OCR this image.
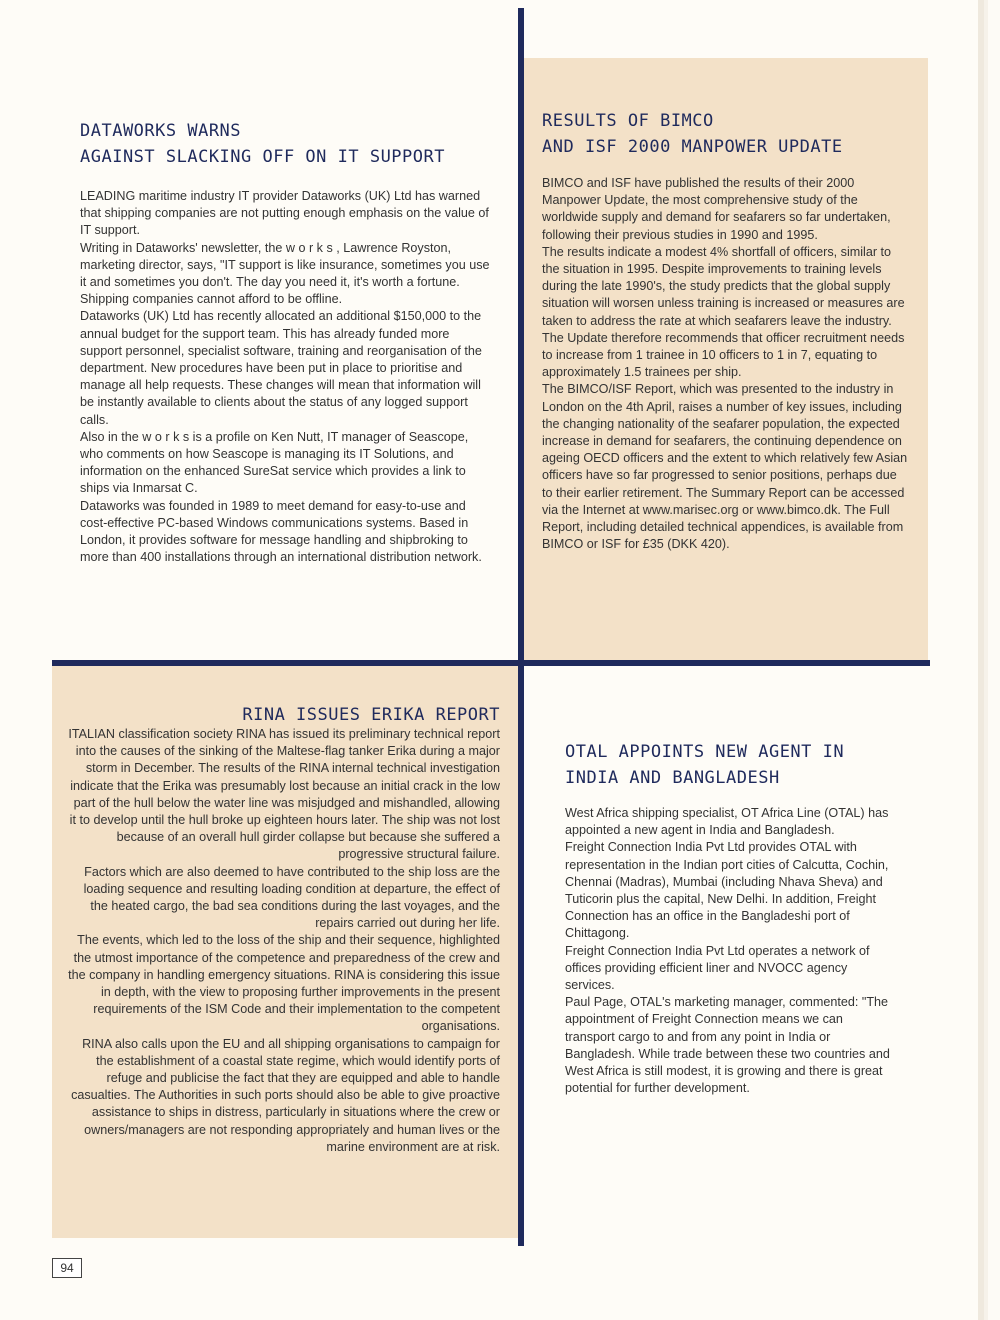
DATAWORKS WARNS
AGAINST SLACKING OFF ON IT SUPPORT

LEADING maritime industry IT provider Dataworks (UK) Ltd has warned that shipping companies are not putting enough emphasis on the value of IT support.

Writing in Dataworks' newsletter, the w o r k s , Lawrence Royston, marketing director, says, "IT support is like insurance, sometimes you use it and sometimes you don't. The day you need it, it's worth a fortune. Shipping companies cannot afford to be offline.

Dataworks (UK) Ltd has recently allocated an additional $150,000 to the annual budget for the support team. This has already funded more support personnel, specialist software, training and reorganisation of the department. New procedures have been put in place to prioritise and manage all help requests. These changes will mean that information will be instantly available to clients about the status of any logged support calls.

Also in the w o r k s is a profile on Ken Nutt, IT manager of Seascope, who comments on how Seascope is managing its IT Solutions, and information on the enhanced SureSat service which provides a link to ships via Inmarsat C.

Dataworks was founded in 1989 to meet demand for easy-to-use and cost-effective PC-based Windows communications systems. Based in London, it provides software for message handling and shipbroking to more than 400 installations through an international distribution network.

RESULTS OF BIMCO
AND ISF 2000 MANPOWER UPDATE

BIMCO and ISF have published the results of their 2000 Manpower Update, the most comprehensive study of the worldwide supply and demand for seafarers so far undertaken, following their previous studies in 1990 and 1995.

The results indicate a modest 4% shortfall of officers, similar to the situation in 1995. Despite improvements to training levels during the late 1990's, the study predicts that the global supply situation will worsen unless training is increased or measures are taken to address the rate at which seafarers leave the industry. The Update therefore recommends that officer recruitment needs to increase from 1 trainee in 10 officers to 1 in 7, equating to approximately 1.5 trainees per ship.

The BIMCO/ISF Report, which was presented to the industry in London on the 4th April, raises a number of key issues, including the changing nationality of the seafarer population, the expected increase in demand for seafarers, the continuing dependence on ageing OECD officers and the extent to which relatively few Asian officers have so far progressed to senior positions, perhaps due to their earlier retirement. The Summary Report can be accessed via the Internet at www.marisec.org or www.bimco.dk. The Full Report, including detailed technical appendices, is available from BIMCO or ISF for £35 (DKK 420).

RINA ISSUES ERIKA REPORT

ITALIAN classification society RINA has issued its preliminary technical report into the causes of the sinking of the Maltese-flag tanker Erika during a major storm in December. The results of the RINA internal technical investigation indicate that the Erika was presumably lost because an initial crack in the low part of the hull below the water line was misjudged and mishandled, allowing it to develop until the hull broke up eighteen hours later. The ship was not lost because of an overall hull girder collapse but because she suffered a progressive structural failure.

Factors which are also deemed to have contributed to the ship loss are the loading sequence and resulting loading condition at departure, the effect of the heated cargo, the bad sea conditions during the last voyages, and the repairs carried out during her life.

The events, which led to the loss of the ship and their sequence, highlighted the utmost importance of the competence and preparedness of the crew and the company in handling emergency situations. RINA is considering this issue in depth, with the view to proposing further improvements in the present requirements of the ISM Code and their implementation to the competent organisations.

RINA also calls upon the EU and all shipping organisations to campaign for the establishment of a coastal state regime, which would identify ports of refuge and publicise the fact that they are equipped and able to handle casualties. The Authorities in such ports should also be able to give proactive assistance to ships in distress, particularly in situations where the crew or owners/managers are not responding appropriately and human lives or the marine environment are at risk.

OTAL APPOINTS NEW AGENT IN
INDIA AND BANGLADESH

West Africa shipping specialist, OT Africa Line (OTAL) has appointed a new agent in India and Bangladesh.

Freight Connection India Pvt Ltd provides OTAL with representation in the Indian port cities of Calcutta, Cochin, Chennai (Madras), Mumbai (including Nhava Sheva) and Tuticorin plus the capital, New Delhi. In addition, Freight Connection has an office in the Bangladeshi port of Chittagong.

Freight Connection India Pvt Ltd operates a network of offices providing efficient liner and NVOCC agency services.

Paul Page, OTAL's marketing manager, commented: "The appointment of Freight Connection means we can transport cargo to and from any point in India or Bangladesh. While trade between these two countries and West Africa is still modest, it is growing and there is great potential for further development.

94
